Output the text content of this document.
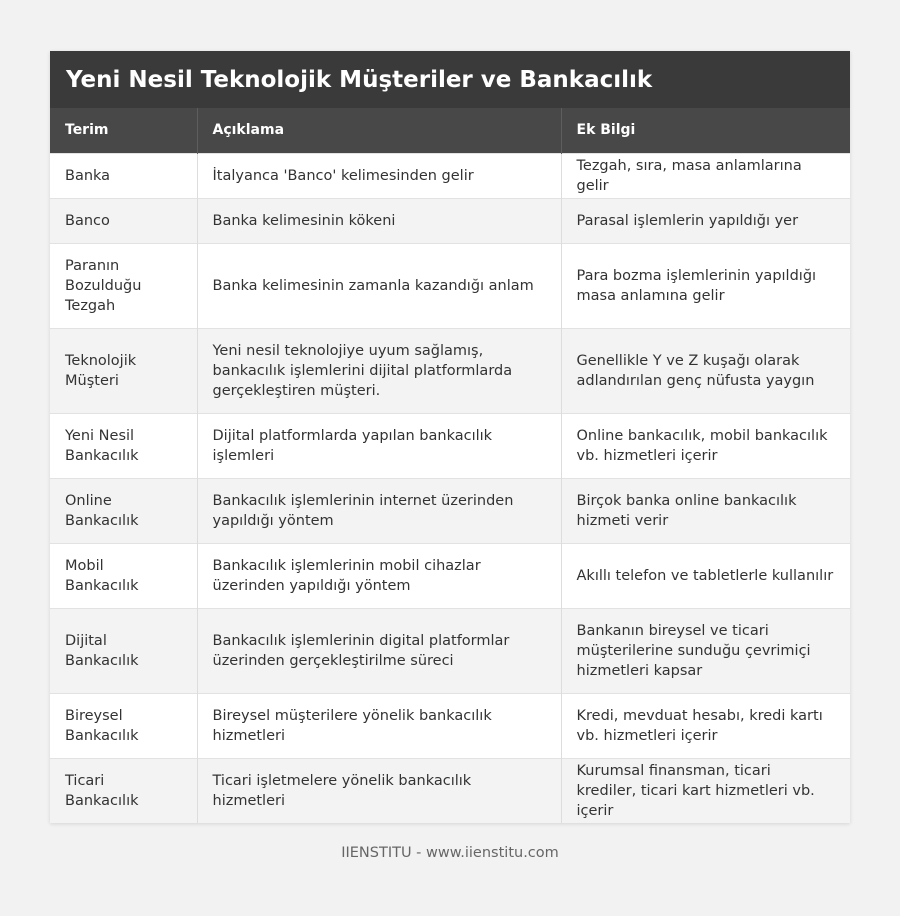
Yeni Nesil Teknolojik Müşteriler ve Bankacılık
Terim	Açıklama	Ek Bilgi
Banka	İtalyanca 'Banco' kelimesinden gelir	Tezgah, sıra, masa anlamlarına gelir
Banco	Banka kelimesinin kökeni	Parasal işlemlerin yapıldığı yer
Paranın Bozulduğu Tezgah	Banka kelimesinin zamanla kazandığı anlam	Para bozma işlemlerinin yapıldığı masa anlamına gelir
Teknolojik Müşteri	Yeni nesil teknolojiye uyum sağlamış, bankacılık işlemlerini dijital platformlarda gerçekleştiren müşteri.	Genellikle Y ve Z kuşağı olarak adlandırılan genç nüfusta yaygın
Yeni Nesil Bankacılık	Dijital platformlarda yapılan bankacılık işlemleri	Online bankacılık, mobil bankacılık vb. hizmetleri içerir
Online Bankacılık	Bankacılık işlemlerinin internet üzerinden yapıldığı yöntem	Birçok banka online bankacılık hizmeti verir
Mobil Bankacılık	Bankacılık işlemlerinin mobil cihazlar üzerinden yapıldığı yöntem	Akıllı telefon ve tabletlerle kullanılır
Dijital Bankacılık	Bankacılık işlemlerinin digital platformlar üzerinden gerçekleştirilme süreci	Bankanın bireysel ve ticari müşterilerine sunduğu çevrimiçi hizmetleri kapsar
Bireysel Bankacılık	Bireysel müşterilere yönelik bankacılık hizmetleri	Kredi, mevduat hesabı, kredi kartı vb. hizmetleri içerir
Ticari Bankacılık	Ticari işletmelere yönelik bankacılık hizmetleri	Kurumsal finansman, ticari krediler, ticari kart hizmetleri vb. içerir
IIENSTITU - www.iienstitu.com
